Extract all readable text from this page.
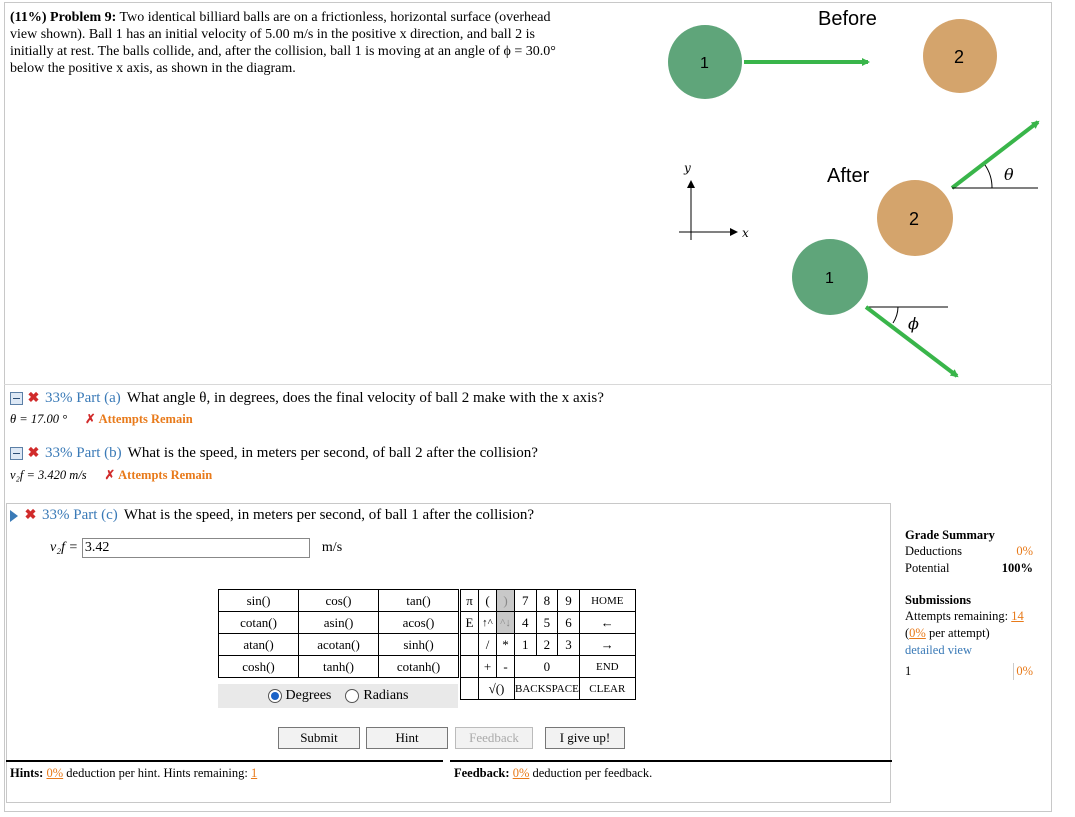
(11%) Problem 9: Two identical billiard balls are on a frictionless, horizontal surface (overhead
view shown). Ball 1 has an initial velocity of 5.00 m/s in the positive x direction, and ball 2 is
initially at rest. The balls collide, and, after the collision, ball 1 is moving at an angle of ϕ = 30.0°
below the positive x axis, as shown in the diagram.
Before
1	2
y
x
After
2
θ
1
ϕ
✖ 33% Part (a) What angle θ, in degrees, does the final velocity of ball 2 make with the x axis?
θ = 17.00 ° ✗ Attempts Remain
✖ 33% Part (b) What is the speed, in meters per second, of ball 2 after the collision?
v₂f = 3.420 m/s ✗ Attempts Remain
✖ 33% Part (c) What is the speed, in meters per second, of ball 1 after the collision?
v₂f =
3.42	m/s
sin()	cos()	tan()
cotan()	asin()	acos()
atan()	acotan()	sinh()
cosh()	tanh()	cotanh()
Degrees Radians
π	(	)	7	8	9	HOME
E	↑^	^↓	4	5	6	←
	/	*	1	2	3	→
	+	-	0			END
	√()		BACKSPACE			CLEAR
Submit	Hint	Feedback	I give up!
Hints: 0% deduction per hint. Hints remaining: 1	Feedback: 0% deduction per feedback.
Grade Summary
Deductions	0%
Potential	100%
Submissions
Attempts remaining:
14
( 0%
per attempt)
detailed view
1	0%
